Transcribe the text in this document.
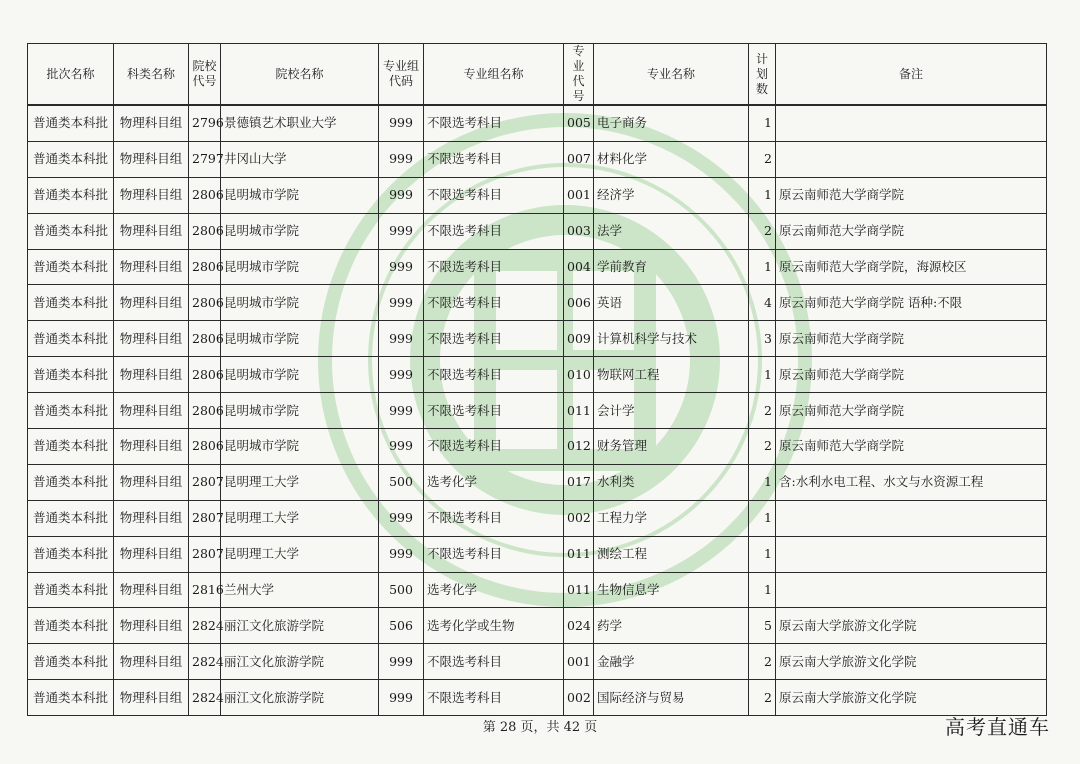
批次名称	科类名称	院校代号	院校名称	专业组代码	专业组名称	专业代号	专业名称	计划数	备注
普通类本科批	物理科目组	2796	景德镇艺术职业大学	999	不限选考科目	005	电子商务	1	
普通类本科批	物理科目组	2797	井冈山大学	999	不限选考科目	007	材料化学	2	
普通类本科批	物理科目组	2806	昆明城市学院	999	不限选考科目	001	经济学	1	原云南师范大学商学院
普通类本科批	物理科目组	2806	昆明城市学院	999	不限选考科目	003	法学	2	原云南师范大学商学院
普通类本科批	物理科目组	2806	昆明城市学院	999	不限选考科目	004	学前教育	1	原云南师范大学商学院，海源校区
普通类本科批	物理科目组	2806	昆明城市学院	999	不限选考科目	006	英语	4	原云南师范大学商学院 语种:不限
普通类本科批	物理科目组	2806	昆明城市学院	999	不限选考科目	009	计算机科学与技术	3	原云南师范大学商学院
普通类本科批	物理科目组	2806	昆明城市学院	999	不限选考科目	010	物联网工程	1	原云南师范大学商学院
普通类本科批	物理科目组	2806	昆明城市学院	999	不限选考科目	011	会计学	2	原云南师范大学商学院
普通类本科批	物理科目组	2806	昆明城市学院	999	不限选考科目	012	财务管理	2	原云南师范大学商学院
普通类本科批	物理科目组	2807	昆明理工大学	500	选考化学	017	水利类	1	含:水利水电工程、水文与水资源工程
普通类本科批	物理科目组	2807	昆明理工大学	999	不限选考科目	002	工程力学	1	
普通类本科批	物理科目组	2807	昆明理工大学	999	不限选考科目	011	测绘工程	1	
普通类本科批	物理科目组	2816	兰州大学	500	选考化学	011	生物信息学	1	
普通类本科批	物理科目组	2824	丽江文化旅游学院	506	选考化学或生物	024	药学	5	原云南大学旅游文化学院
普通类本科批	物理科目组	2824	丽江文化旅游学院	999	不限选考科目	001	金融学	2	原云南大学旅游文化学院
普通类本科批	物理科目组	2824	丽江文化旅游学院	999	不限选考科目	002	国际经济与贸易	2	原云南大学旅游文化学院
第 28 页，共 42 页	高考直通车
